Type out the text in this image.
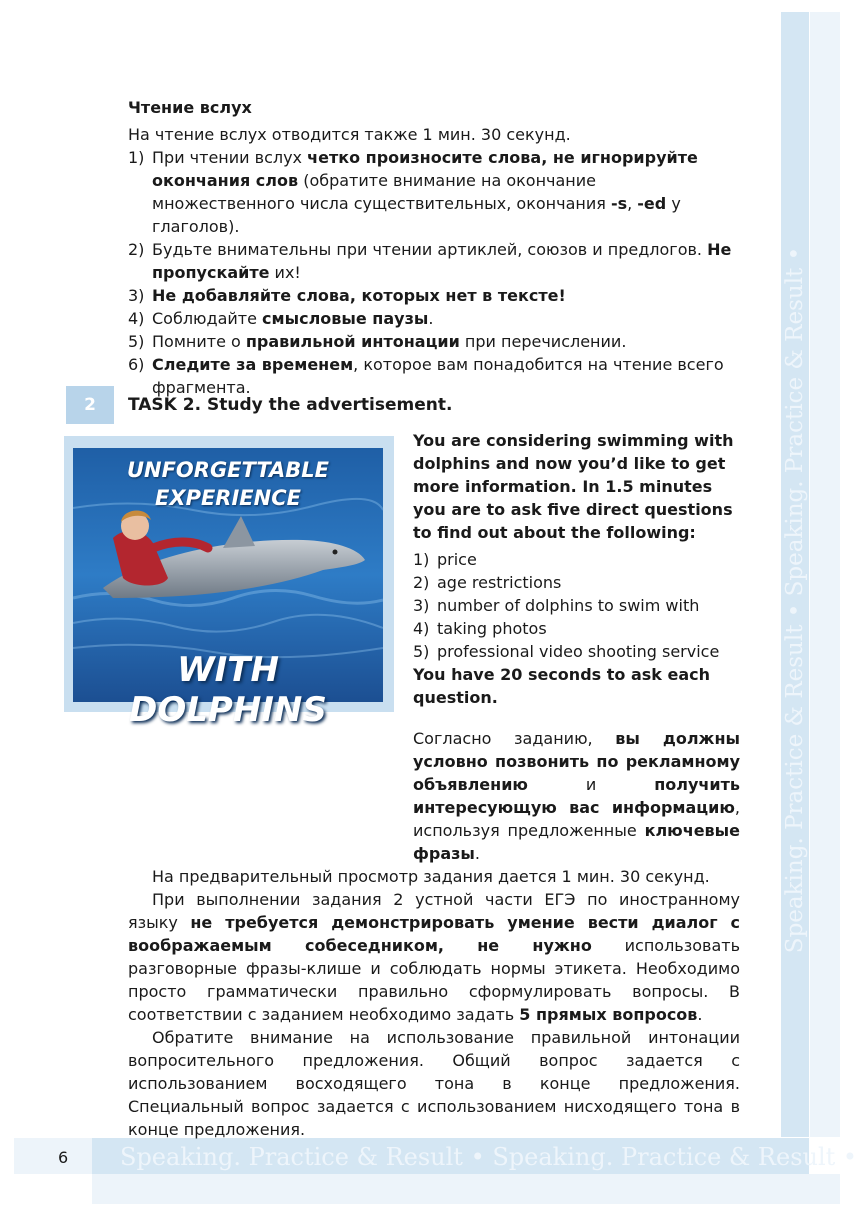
Speaking. Practice & Result • Speaking. Practice & Result •
Speaking. Practice & Result • Speaking. Practice & Result •
6

Чтение вслух

На чтение вслух отводится также 1 мин. 30 секунд.

1) При чтении вслух четко произносите слова, не игнорируйте окончания слов (обратите внимание на окончание множественного числа существительных, окончания -s, -ed у глаголов).
2) Будьте внимательны при чтении артиклей, союзов и предлогов. Не пропускайте их!
3) Не добавляйте слова, которых нет в тексте!
4) Соблюдайте смысловые паузы.
5) Помните о правильной интонации при перечислении.
6) Следите за временем, которое вам понадобится на чтение всего фрагмента.
2	TASK 2. Study the advertisement.
UNFORGETTABLE
EXPERIENCE
WITH DOLPHINS

You are considering swimming with dolphins and now you’d like to get more information. In 1.5 minutes you are to ask five direct questions to find out about the following:

1) price
2) age restrictions
3) number of dolphins to swim with
4) taking photos
5) professional video shooting service

You have 20 seconds to ask each question.

Согласно заданию, вы должны условно позвонить по рекламному объявлению и получить интересующую вас информацию, используя предложенные ключевые фразы.

На предварительный просмотр задания дается 1 мин. 30 секунд.

При выполнении задания 2 устной части ЕГЭ по иностранному языку не требуется демонстрировать умение вести диалог с воображаемым собеседником, не нужно использовать разговорные фразы-клише и соблюдать нормы этикета. Необходимо просто грамматически правильно сформулировать вопросы. В соответствии с заданием необходимо задать 5 прямых вопросов.

Обратите внимание на использование правильной интонации вопросительного предложения. Общий вопрос задается с использованием восходящего тона в конце предложения. Специальный вопрос задается с использованием нисходящего тона в конце предложения.
